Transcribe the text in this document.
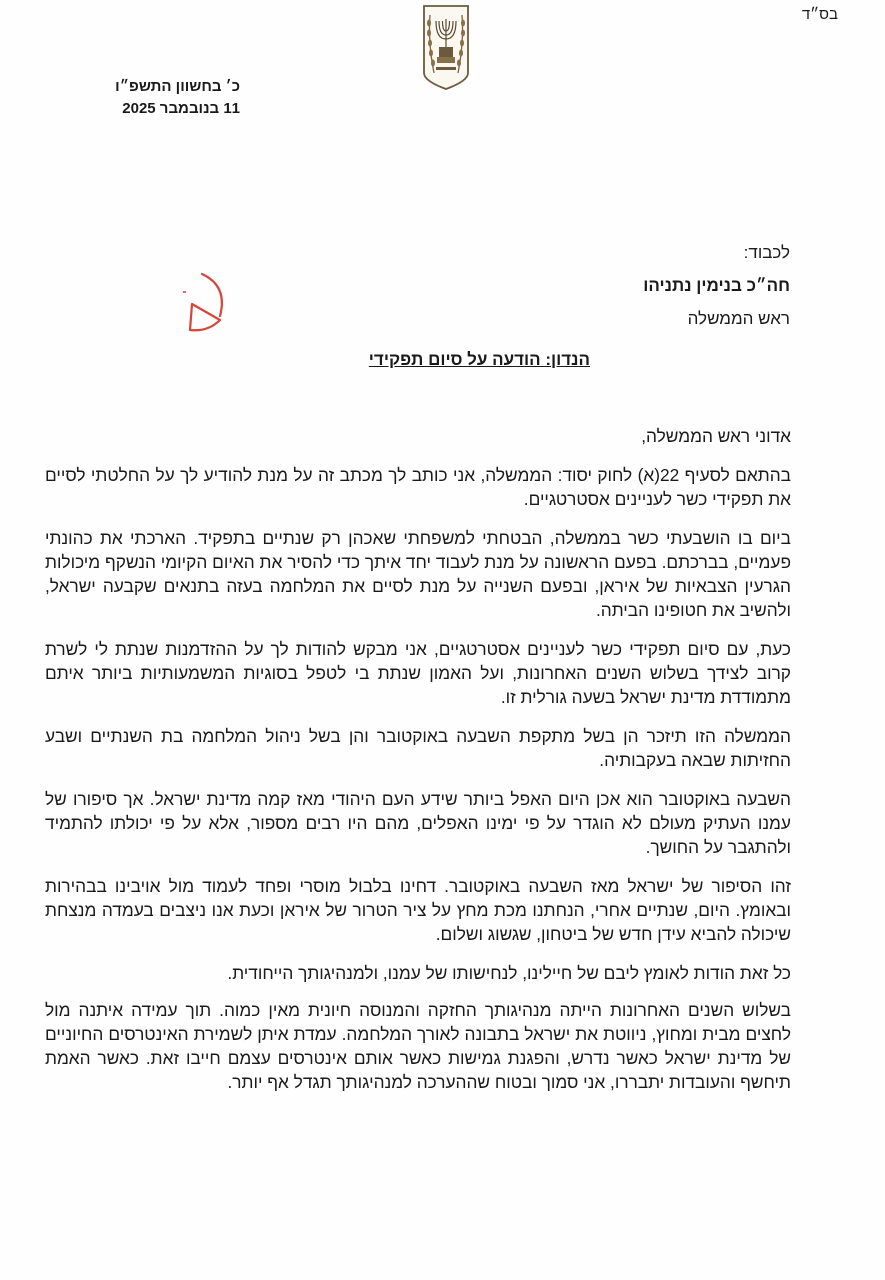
בס״ד
כ׳ בחשוון התשפ״ו
11 בנובמבר 2025
לכבוד:
חה״כ בנימין נתניהו
ראש הממשלה
הנדון: הודעה על סיום תפקידי
אדוני ראש הממשלה,

בהתאם לסעיף 22(א) לחוק יסוד: הממשלה, אני כותב לך מכתב זה על מנת להודיע לך על החלטתי לסיים את תפקידי כשר לעניינים אסטרטגיים.

ביום בו הושבעתי כשר בממשלה, הבטחתי למשפחתי שאכהן רק שנתיים בתפקיד. הארכתי את כהונתי פעמיים, בברכתם. בפעם הראשונה על מנת לעבוד יחד איתך כדי להסיר את האיום הקיומי הנשקף מיכולות הגרעין הצבאיות של איראן, ובפעם השנייה על מנת לסיים את המלחמה בעזה בתנאים שקבעה ישראל, ולהשיב את חטופינו הביתה.

כעת, עם סיום תפקידי כשר לעניינים אסטרטגיים, אני מבקש להודות לך על ההזדמנות שנתת לי לשרת קרוב לצידך בשלוש השנים האחרונות, ועל האמון שנתת בי לטפל בסוגיות המשמעותיות ביותר איתם מתמודדת מדינת ישראל בשעה גורלית זו.

הממשלה הזו תיזכר הן בשל מתקפת השבעה באוקטובר והן בשל ניהול המלחמה בת השנתיים ושבע החזיתות שבאה בעקבותיה.

השבעה באוקטובר הוא אכן היום האפל ביותר שידע העם היהודי מאז קמה מדינת ישראל. אך סיפורו של עמנו העתיק מעולם לא הוגדר על פי ימינו האפלים, מהם היו רבים מספור, אלא על פי יכולתו להתמיד ולהתגבר על החושך.

זהו הסיפור של ישראל מאז השבעה באוקטובר. דחינו בלבול מוסרי ופחד לעמוד מול אויבינו בבהירות ובאומץ. היום, שנתיים אחרי, הנחתנו מכת מחץ על ציר הטרור של איראן וכעת אנו ניצבים בעמדה מנצחת שיכולה להביא עידן חדש של ביטחון, שגשוג ושלום.

כל זאת הודות לאומץ ליבם של חיילינו, לנחישותו של עמנו, ולמנהיגותך הייחודית.

בשלוש השנים האחרונות הייתה מנהיגותך החזקה והמנוסה חיונית מאין כמוה. תוך עמידה איתנה מול לחצים מבית ומחוץ, ניווטת את ישראל בתבונה לאורך המלחמה. עמדת איתן לשמירת האינטרסים החיוניים של מדינת ישראל כאשר נדרש, והפגנת גמישות כאשר אותם אינטרסים עצמם חייבו זאת. כאשר האמת תיחשף והעובדות יתבררו, אני סמוך ובטוח שההערכה למנהיגותך תגדל אף יותר.
